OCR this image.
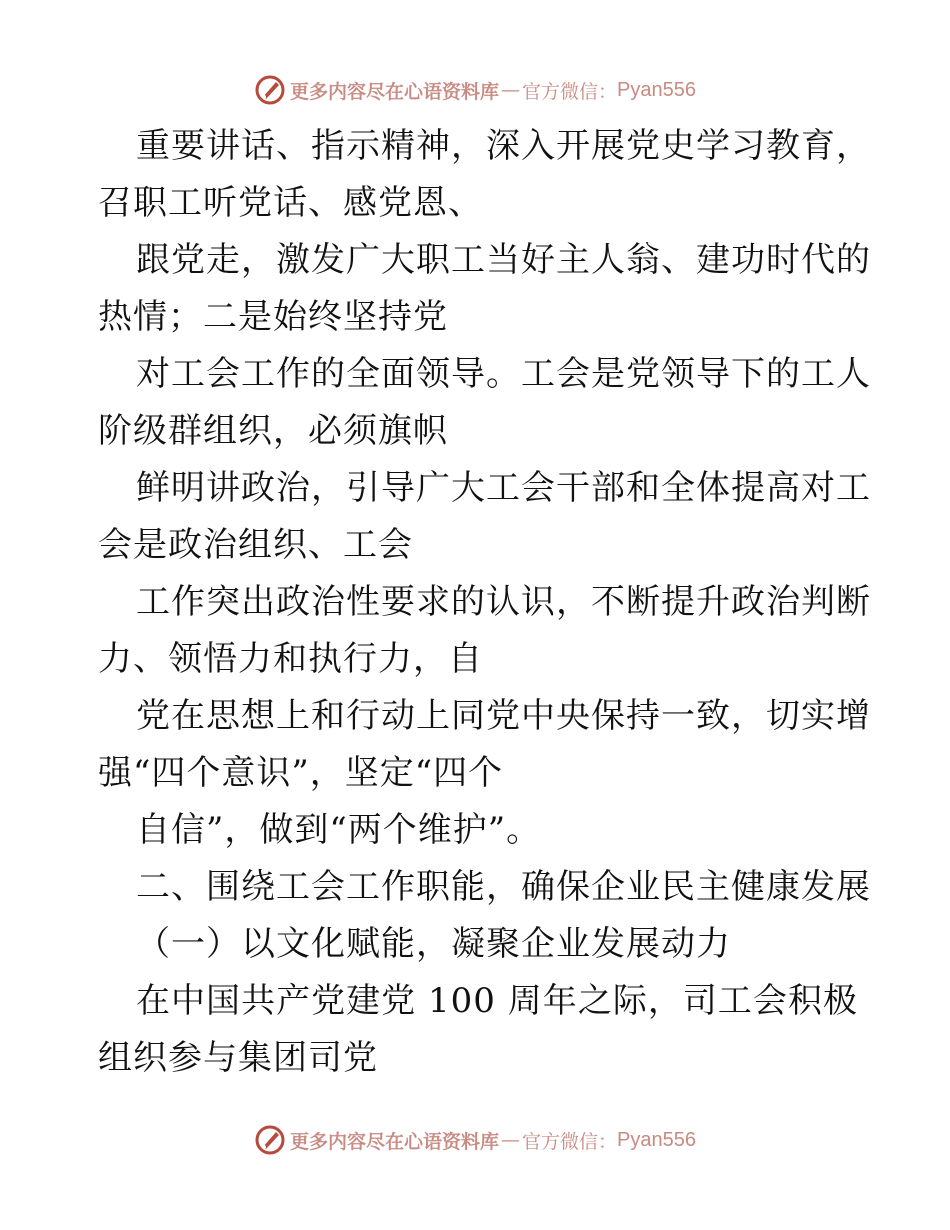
更多内容尽在心语资料库 — 官方微信： Pyan556
重要讲话、指示精神，深入开展党史学习教育，
召职工听党话、感党恩、
跟党走，激发广大职工当好主人翁、建功时代的
热情；二是始终坚持党
对工会工作的全面领导。工会是党领导下的工人
阶级群组织，必须旗帜
鲜明讲政治，引导广大工会干部和全体提高对工
会是政治组织、工会
工作突出政治性要求的认识，不断提升政治判断
力、领悟力和执行力，自
党在思想上和行动上同党中央保持一致，切实增
强“四个意识”，坚定“四个
自信”，做到“两个维护”。
二、围绕工会工作职能，确保企业民主健康发展
（一）以文化赋能，凝聚企业发展动力
在中国共产党建党 100 周年之际，司工会积极
组织参与集团司党
更多内容尽在心语资料库 — 官方微信： Pyan556
